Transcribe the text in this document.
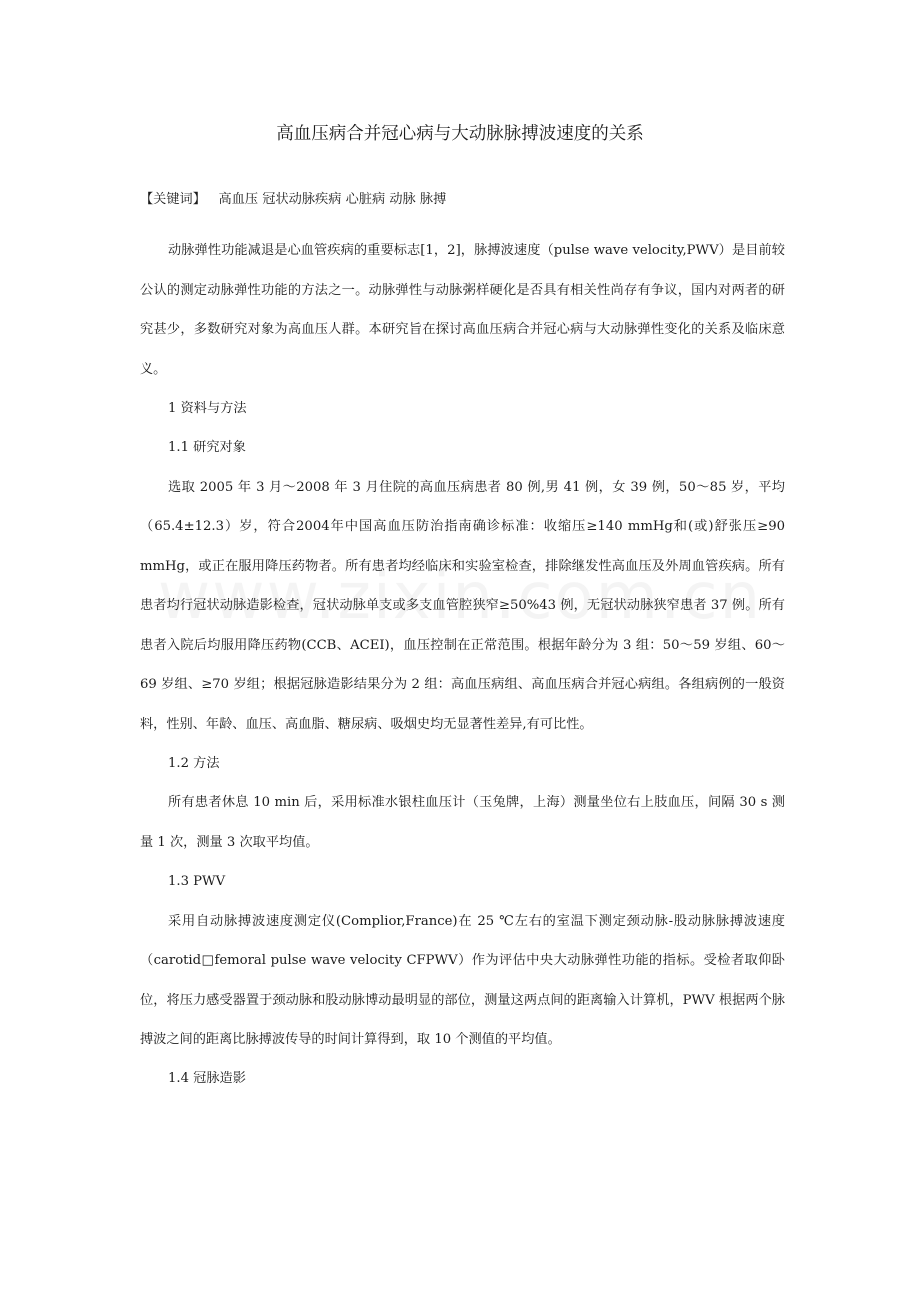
高血压病合并冠心病与大动脉脉搏波速度的关系

【关键词】 高血压 冠状动脉疾病 心脏病 动脉 脉搏

动脉弹性功能减退是心血管疾病的重要标志[1，2]，脉搏波速度（pulse wave velocity,PWV）是目前较公认的测定动脉弹性功能的方法之一。动脉弹性与动脉粥样硬化是否具有相关性尚存有争议，国内对两者的研究甚少，多数研究对象为高血压人群。本研究旨在探讨高血压病合并冠心病与大动脉弹性变化的关系及临床意义。

1 资料与方法

1.1 研究对象

选取 2005 年 3 月～2008 年 3 月住院的高血压病患者 80 例,男 41 例，女 39 例，50～85 岁，平均（65.4±12.3）岁，符合2004年中国高血压防治指南确诊标准：收缩压≥140 mmHg和(或)舒张压≥90 mmHg，或正在服用降压药物者。所有患者均经临床和实验室检查，排除继发性高血压及外周血管疾病。所有患者均行冠状动脉造影检查，冠状动脉单支或多支血管腔狭窄≥50%43 例，无冠状动脉狭窄患者 37 例。所有患者入院后均服用降压药物(CCB、ACEI)，血压控制在正常范围。根据年龄分为 3 组：50～59 岁组、60～69 岁组、≥70 岁组；根据冠脉造影结果分为 2 组：高血压病组、高血压病合并冠心病组。各组病例的一般资料，性别、年龄、血压、高血脂、糖尿病、吸烟史均无显著性差异,有可比性。

1.2 方法

所有患者休息 10 min 后，采用标准水银柱血压计（玉兔牌，上海）测量坐位右上肢血压，间隔 30 s 测量 1 次，测量 3 次取平均值。

1.3 PWV

采用自动脉搏波速度测定仪(Complior,France)在 25 ℃左右的室温下测定颈动脉-股动脉脉搏波速度（carotid□femoral pulse wave velocity CFPWV）作为评估中央大动脉弹性功能的指标。受检者取仰卧位，将压力感受器置于颈动脉和股动脉博动最明显的部位，测量这两点间的距离输入计算机，PWV 根据两个脉搏波之间的距离比脉搏波传导的时间计算得到，取 10 个测值的平均值。

1.4 冠脉造影
